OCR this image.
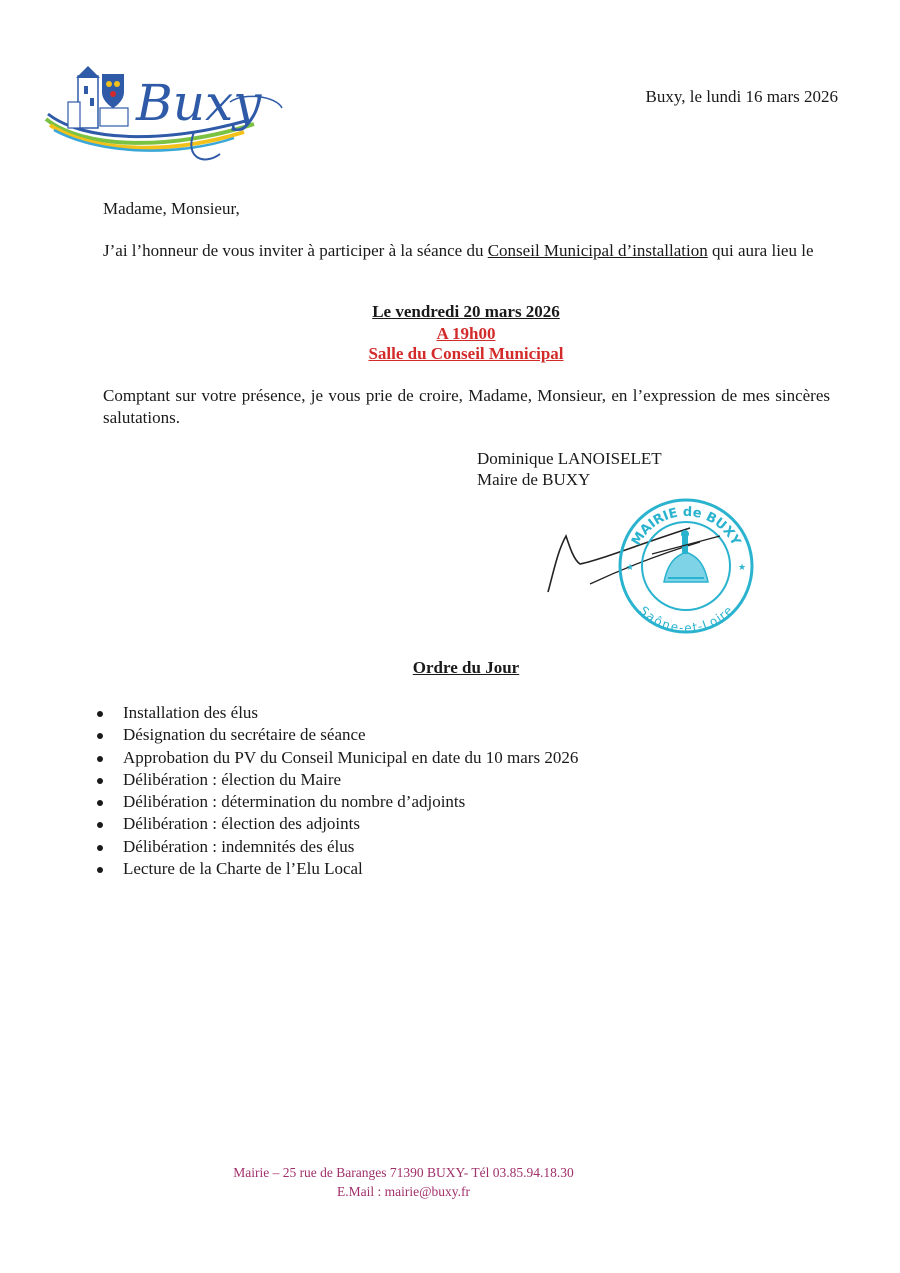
Buxy	Buxy, le lundi 16 mars 2026
Madame, Monsieur,
J’ai l’honneur de vous inviter à participer à la séance du Conseil Municipal d’installation qui aura lieu le
Le vendredi 20 mars 2026
A 19h00
Salle du Conseil Municipal
Comptant sur votre présence, je vous prie de croire, Madame, Monsieur, en l’expression de mes sincères salutations.
Dominique LANOISELET
Maire de BUXY
MAIRIE de BUXY
Saône-et-Loire
★	★
Ordre du Jour
Installation des élus
Désignation du secrétaire de séance
Approbation du PV du Conseil Municipal en date du 10 mars 2026
Délibération : élection du Maire
Délibération : détermination du nombre d’adjoints
Délibération : élection des adjoints
Délibération : indemnités des élus
Lecture de la Charte de l’Elu Local
Mairie – 25 rue de Baranges 71390 BUXY- Tél 03.85.94.18.30
E.Mail : mairie@buxy.fr
